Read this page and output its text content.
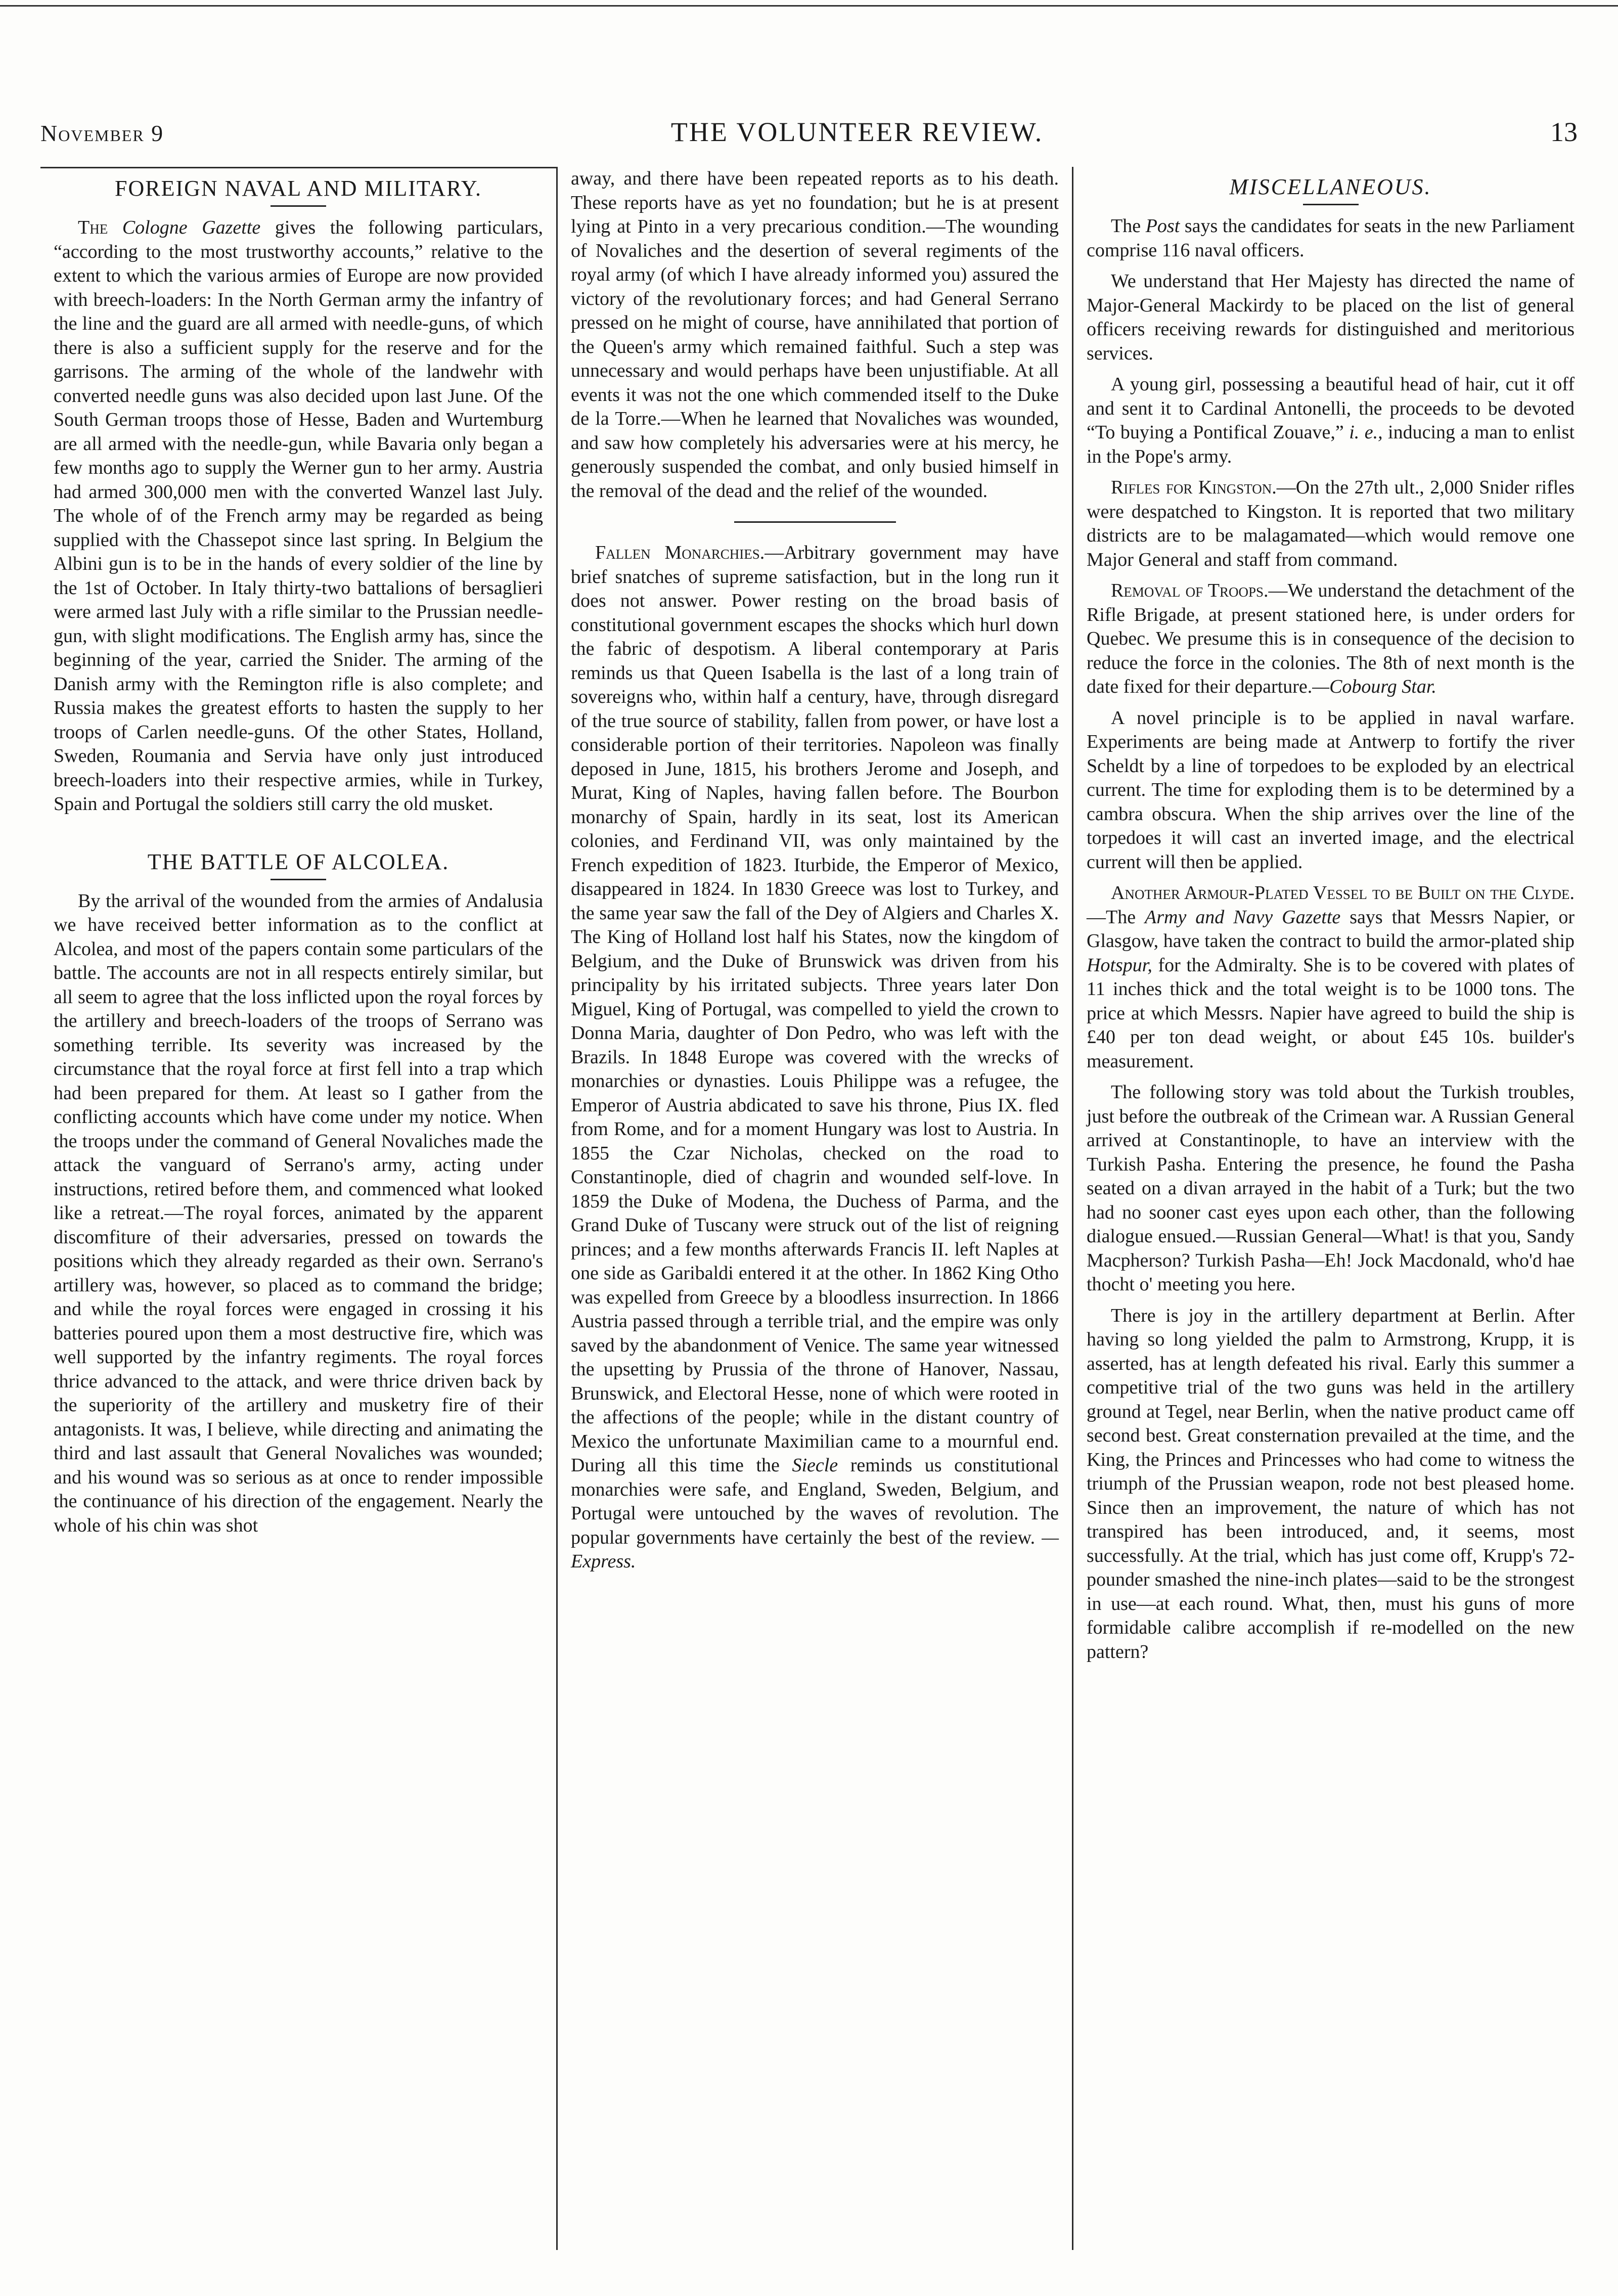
November 9	THE VOLUNTEER REVIEW.	13
FOREIGN NAVAL AND MILITARY.

The Cologne Gazette gives the following particulars, “according to the most trustworthy accounts,” relative to the extent to which the various armies of Europe are now provided with breech-loaders: In the North German army the infantry of the line and the guard are all armed with needle-guns, of which there is also a sufficient supply for the reserve and for the garrisons. The arming of the whole of the landwehr with converted needle guns was also decided upon last June. Of the South German troops those of Hesse, Baden and Wurtemburg are all armed with the needle-gun, while Bavaria only began a few months ago to supply the Werner gun to her army. Austria had armed 300,000 men with the converted Wanzel last July. The whole of of the French army may be regarded as being supplied with the Chassepot since last spring. In Belgium the Albini gun is to be in the hands of every soldier of the line by the 1st of October. In Italy thirty-two battalions of bersaglieri were armed last July with a rifle similar to the Prussian needle-gun, with slight modifications. The English army has, since the beginning of the year, carried the Snider. The arming of the Danish army with the Remington rifle is also complete; and Russia makes the greatest efforts to hasten the supply to her troops of Carlen needle-guns. Of the other States, Holland, Sweden, Roumania and Servia have only just introduced breech-loaders into their respective armies, while in Turkey, Spain and Portugal the soldiers still carry the old musket.

THE BATTLE OF ALCOLEA.

By the arrival of the wounded from the armies of Andalusia we have received better information as to the conflict at Alcolea, and most of the papers contain some particulars of the battle. The accounts are not in all respects entirely similar, but all seem to agree that the loss inflicted upon the royal forces by the artillery and breech-loaders of the troops of Serrano was something terrible. Its severity was increased by the circumstance that the royal force at first fell into a trap which had been prepared for them. At least so I gather from the conflicting accounts which have come under my notice. When the troops under the command of General Novaliches made the attack the vanguard of Serrano's army, acting under instructions, retired before them, and commenced what looked like a retreat.—The royal forces, animated by the apparent discomfiture of their adversaries, pressed on towards the positions which they already regarded as their own. Serrano's artillery was, however, so placed as to command the bridge; and while the royal forces were engaged in crossing it his batteries poured upon them a most destructive fire, which was well supported by the infantry regiments. The royal forces thrice advanced to the attack, and were thrice driven back by the superiority of the artillery and musketry fire of their antagonists. It was, I believe, while directing and animating the third and last assault that General Novaliches was wounded; and his wound was so serious as at once to render impossible the continuance of his direction of the engagement. Nearly the whole of his chin was shot

away, and there have been repeated reports as to his death. These reports have as yet no foundation; but he is at present lying at Pinto in a very precarious condition.—The wounding of Novaliches and the desertion of several regiments of the royal army (of which I have already informed you) assured the victory of the revolutionary forces; and had General Serrano pressed on he might of course, have annihilated that portion of the Queen's army which remained faithful. Such a step was unnecessary and would perhaps have been unjustifiable. At all events it was not the one which commended itself to the Duke de la Torre.—When he learned that Novaliches was wounded, and saw how completely his adversaries were at his mercy, he generously suspended the combat, and only busied himself in the removal of the dead and the relief of the wounded.

Fallen Monarchies.—Arbitrary government may have brief snatches of supreme satisfaction, but in the long run it does not answer. Power resting on the broad basis of constitutional government escapes the shocks which hurl down the fabric of despotism. A liberal contemporary at Paris reminds us that Queen Isabella is the last of a long train of sovereigns who, within half a century, have, through disregard of the true source of stability, fallen from power, or have lost a considerable portion of their territories. Napoleon was finally deposed in June, 1815, his brothers Jerome and Joseph, and Murat, King of Naples, having fallen before. The Bourbon monarchy of Spain, hardly in its seat, lost its American colonies, and Ferdinand VII, was only maintained by the French expedition of 1823. Iturbide, the Emperor of Mexico, disappeared in 1824. In 1830 Greece was lost to Turkey, and the same year saw the fall of the Dey of Algiers and Charles X. The King of Holland lost half his States, now the kingdom of Belgium, and the Duke of Brunswick was driven from his principality by his irritated subjects. Three years later Don Miguel, King of Portugal, was compelled to yield the crown to Donna Maria, daughter of Don Pedro, who was left with the Brazils. In 1848 Europe was covered with the wrecks of monarchies or dynasties. Louis Philippe was a refugee, the Emperor of Austria abdicated to save his throne, Pius IX. fled from Rome, and for a moment Hungary was lost to Austria. In 1855 the Czar Nicholas, checked on the road to Constantinople, died of chagrin and wounded self-love. In 1859 the Duke of Modena, the Duchess of Parma, and the Grand Duke of Tuscany were struck out of the list of reigning princes; and a few months afterwards Francis II. left Naples at one side as Garibaldi entered it at the other. In 1862 King Otho was expelled from Greece by a bloodless insurrection. In 1866 Austria passed through a terrible trial, and the empire was only saved by the abandonment of Venice. The same year witnessed the upsetting by Prussia of the throne of Hanover, Nassau, Brunswick, and Electoral Hesse, none of which were rooted in the affections of the people; while in the distant country of Mexico the unfortunate Maximilian came to a mournful end. During all this time the Siecle reminds us constitutional monarchies were safe, and England, Sweden, Belgium, and Portugal were untouched by the waves of revolution. The popular governments have certainly the best of the review. —Express.

MISCELLANEOUS.

The Post says the candidates for seats in the new Parliament comprise 116 naval officers.

We understand that Her Majesty has directed the name of Major-General Mackirdy to be placed on the list of general officers receiving rewards for distinguished and meritorious services.

A young girl, possessing a beautiful head of hair, cut it off and sent it to Cardinal Antonelli, the proceeds to be devoted “To buying a Pontifical Zouave,” i. e., inducing a man to enlist in the Pope's army.

Rifles for Kingston.—On the 27th ult., 2,000 Snider rifles were despatched to Kingston. It is reported that two military districts are to be malagamated—which would remove one Major General and staff from command.

Removal of Troops.—We understand the detachment of the Rifle Brigade, at present stationed here, is under orders for Quebec. We presume this is in consequence of the decision to reduce the force in the colonies. The 8th of next month is the date fixed for their departure.—Cobourg Star.

A novel principle is to be applied in naval warfare. Experiments are being made at Antwerp to fortify the river Scheldt by a line of torpedoes to be exploded by an electrical current. The time for exploding them is to be determined by a cambra obscura. When the ship arrives over the line of the torpedoes it will cast an inverted image, and the electrical current will then be applied.

Another Armour-Plated Vessel to be Built on the Clyde.—The Army and Navy Gazette says that Messrs Napier, or Glasgow, have taken the contract to build the armor-plated ship Hotspur, for the Admiralty. She is to be covered with plates of 11 inches thick and the total weight is to be 1000 tons. The price at which Messrs. Napier have agreed to build the ship is £40 per ton dead weight, or about £45 10s. builder's measurement.

The following story was told about the Turkish troubles, just before the outbreak of the Crimean war. A Russian General arrived at Constantinople, to have an interview with the Turkish Pasha. Entering the presence, he found the Pasha seated on a divan arrayed in the habit of a Turk; but the two had no sooner cast eyes upon each other, than the following dialogue ensued.—Russian General—What! is that you, Sandy Macpherson? Turkish Pasha—Eh! Jock Macdonald, who'd hae thocht o' meeting you here.

There is joy in the artillery department at Berlin. After having so long yielded the palm to Armstrong, Krupp, it is asserted, has at length defeated his rival. Early this summer a competitive trial of the two guns was held in the artillery ground at Tegel, near Berlin, when the native product came off second best. Great consternation prevailed at the time, and the King, the Princes and Princesses who had come to witness the triumph of the Prussian weapon, rode not best pleased home. Since then an improvement, the nature of which has not transpired has been introduced, and, it seems, most successfully. At the trial, which has just come off, Krupp's 72-pounder smashed the nine-inch plates—said to be the strongest in use—at each round. What, then, must his guns of more formidable calibre accomplish if re-modelled on the new pattern?
